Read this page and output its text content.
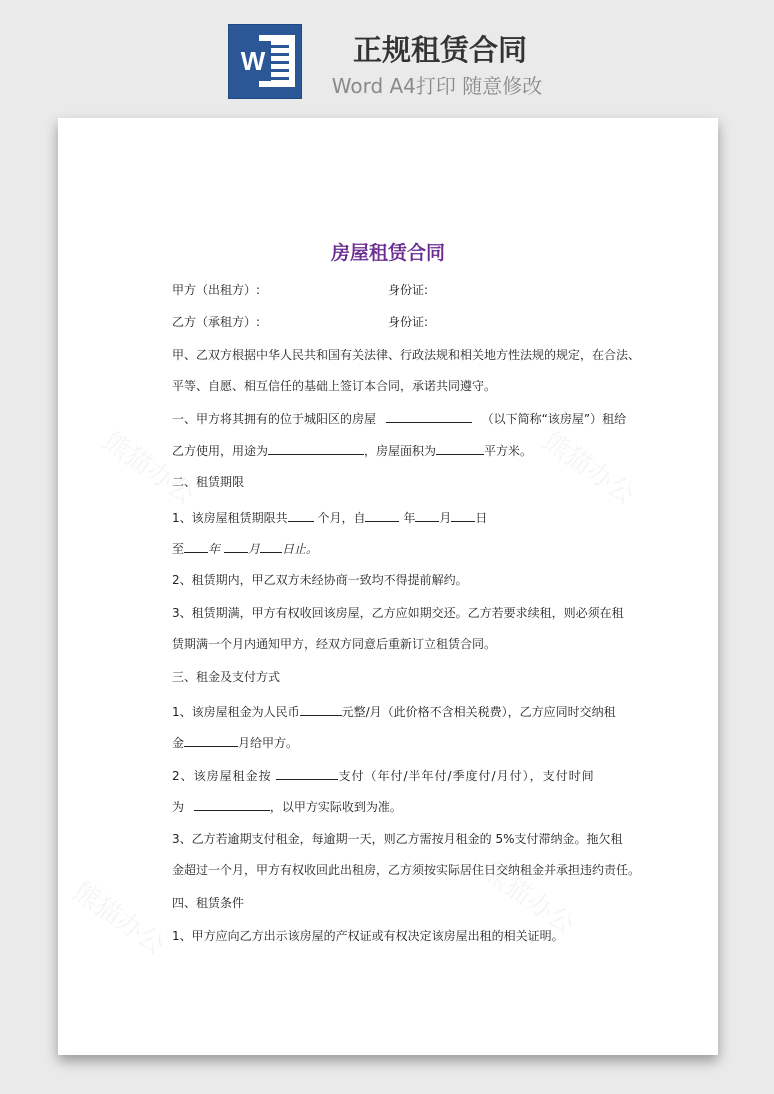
W	正规租赁合同
Word A4打印 随意修改
房屋租赁合同
甲方（出租方）:	身份证:
乙方（承租方）:	身份证:
甲、乙双方根据中华人民共和国有关法律、行政法规和相关地方性法规的规定，在合法、
平等、自愿、相互信任的基础上签订本合同，承诺共同遵守。
一、甲方将其拥有的位于城阳区的房屋	（以下简称“该房屋”）租给
乙方使用，用途为	，房屋面积为	平方米。
二、租赁期限
1、该房屋租赁期限共 个月，自	年 月 日
至 年 月 日止。
2、租赁期内，甲乙双方未经协商一致均不得提前解约。
3、租赁期满，甲方有权收回该房屋，乙方应如期交还。乙方若要求续租，则必须在租
赁期满一个月内通知甲方，经双方同意后重新订立租赁合同。
三、租金及支付方式
1、该房屋租金为人民币	元整/月（此价格不含相关税费），乙方应同时交纳租
金	月给甲方。
2、该房屋租金按	支付（年付/半年付/季度付/月付），支付时间
为	，以甲方实际收到为准。
3、乙方若逾期支付租金，每逾期一天，则乙方需按月租金的 5%支付滞纳金。拖欠租
金超过一个月，甲方有权收回此出租房，乙方须按实际居住日交纳租金并承担违约责任。
四、租赁条件
1、甲方应向乙方出示该房屋的产权证或有权决定该房屋出租的相关证明。
